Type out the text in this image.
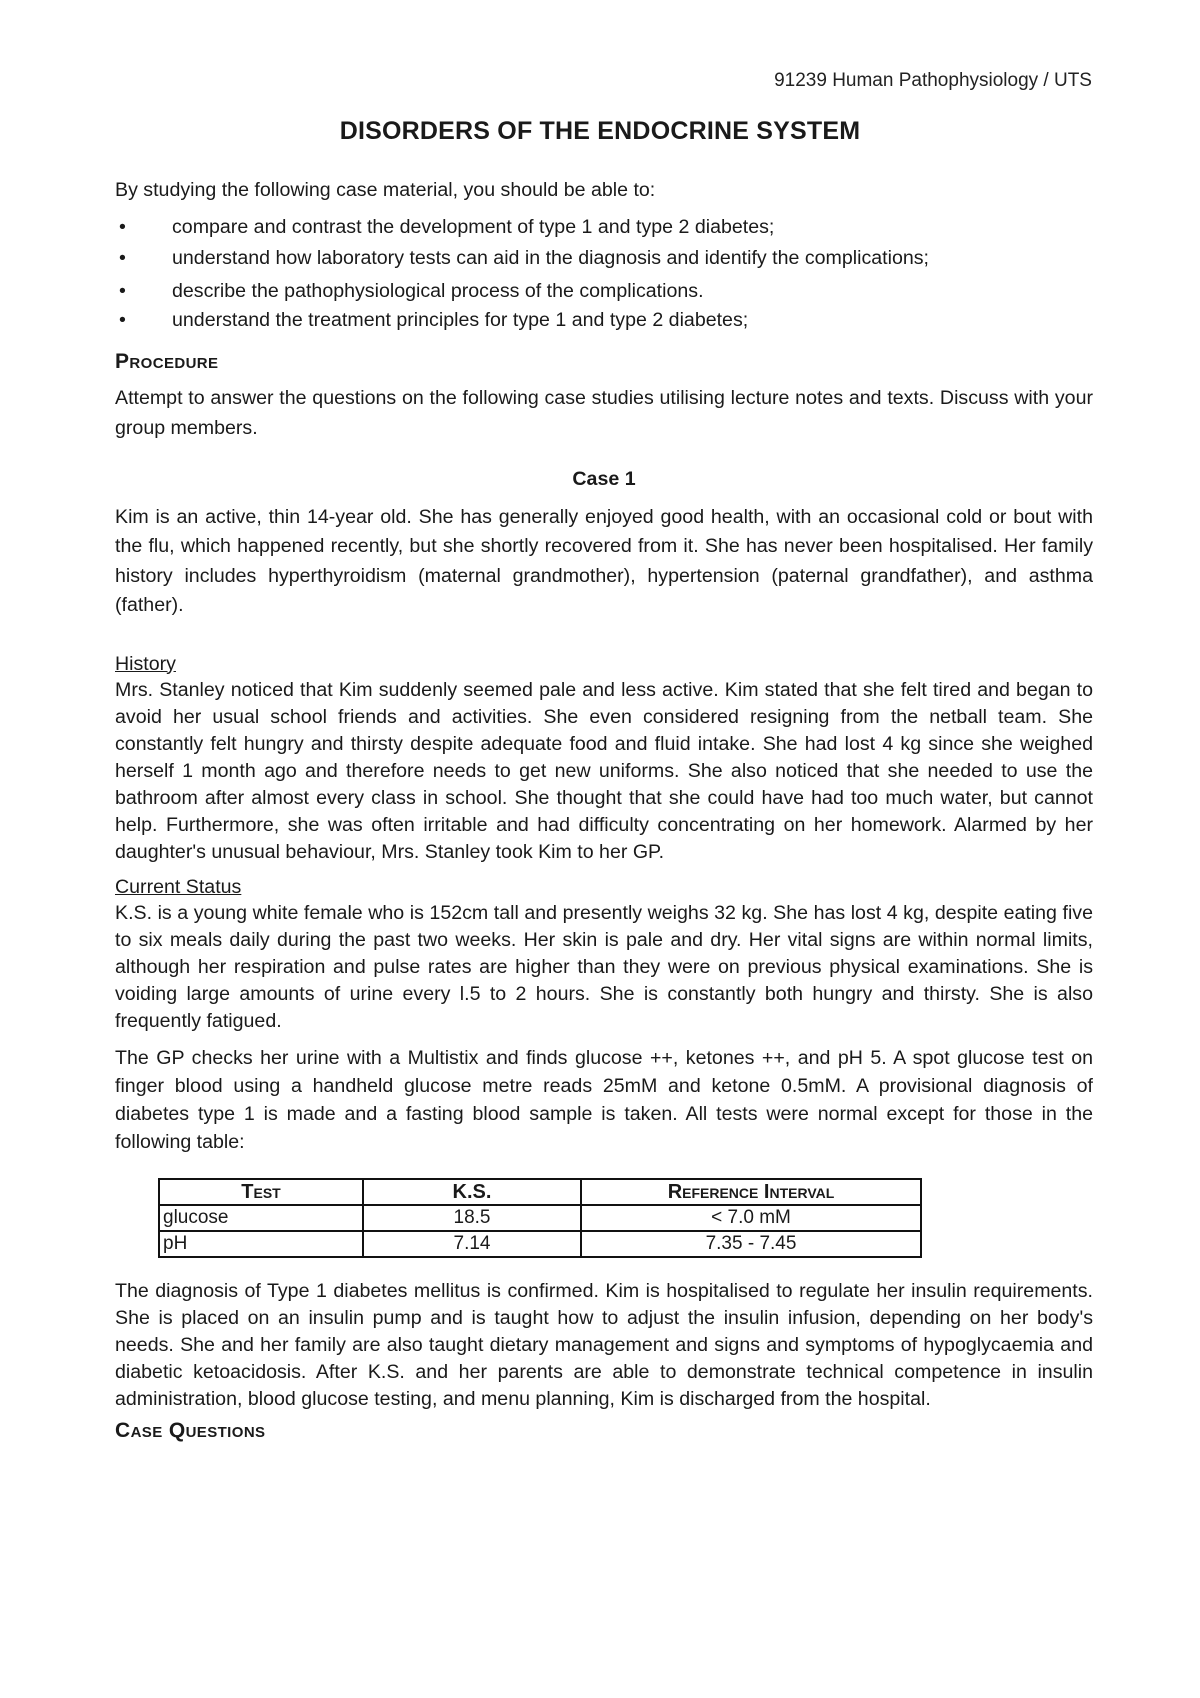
91239 Human Pathophysiology / UTS
DISORDERS OF THE ENDOCRINE SYSTEM

By studying the following case material, you should be able to:

• compare and contrast the development of type 1 and type 2 diabetes;
• understand how laboratory tests can aid in the diagnosis and identify the complications;
• describe the pathophysiological process of the complications.
• understand the treatment principles for type 1 and type 2 diabetes;

Procedure

Attempt to answer the questions on the following case studies utilising lecture notes and texts. Discuss with your group members.

Case 1

Kim is an active, thin 14-year old. She has generally enjoyed good health, with an occasional cold or bout with the flu, which happened recently, but she shortly recovered from it. She has never been hospitalised. Her family history includes hyperthyroidism (maternal grandmother), hypertension (paternal grandfather), and asthma (father).

History

Mrs. Stanley noticed that Kim suddenly seemed pale and less active. Kim stated that she felt tired and began to avoid her usual school friends and activities. She even considered resigning from the netball team. She constantly felt hungry and thirsty despite adequate food and fluid intake. She had lost 4 kg since she weighed herself 1 month ago and therefore needs to get new uniforms. She also noticed that she needed to use the bathroom after almost every class in school. She thought that she could have had too much water, but cannot help. Furthermore, she was often irritable and had difficulty concentrating on her homework. Alarmed by her daughter's unusual behaviour, Mrs. Stanley took Kim to her GP.

Current Status

K.S. is a young white female who is 152cm tall and presently weighs 32 kg. She has lost 4 kg, despite eating five to six meals daily during the past two weeks. Her skin is pale and dry. Her vital signs are within normal limits, although her respiration and pulse rates are higher than they were on previous physical examinations. She is voiding large amounts of urine every l.5 to 2 hours. She is constantly both hungry and thirsty. She is also frequently fatigued.

The GP checks her urine with a Multistix and finds glucose ++, ketones ++, and pH 5. A spot glucose test on finger blood using a handheld glucose metre reads 25mM and ketone 0.5mM. A provisional diagnosis of diabetes type 1 is made and a fasting blood sample is taken. All tests were normal except for those in the following table:

Test	K.S.	Reference Interval
glucose	18.5	< 7.0 mM
pH	7.14	7.35 - 7.45

The diagnosis of Type 1 diabetes mellitus is confirmed. Kim is hospitalised to regulate her insulin requirements. She is placed on an insulin pump and is taught how to adjust the insulin infusion, depending on her body's needs. She and her family are also taught dietary management and signs and symptoms of hypoglycaemia and diabetic ketoacidosis. After K.S. and her parents are able to demonstrate technical competence in insulin administration, blood glucose testing, and menu planning, Kim is discharged from the hospital.

Case Questions
